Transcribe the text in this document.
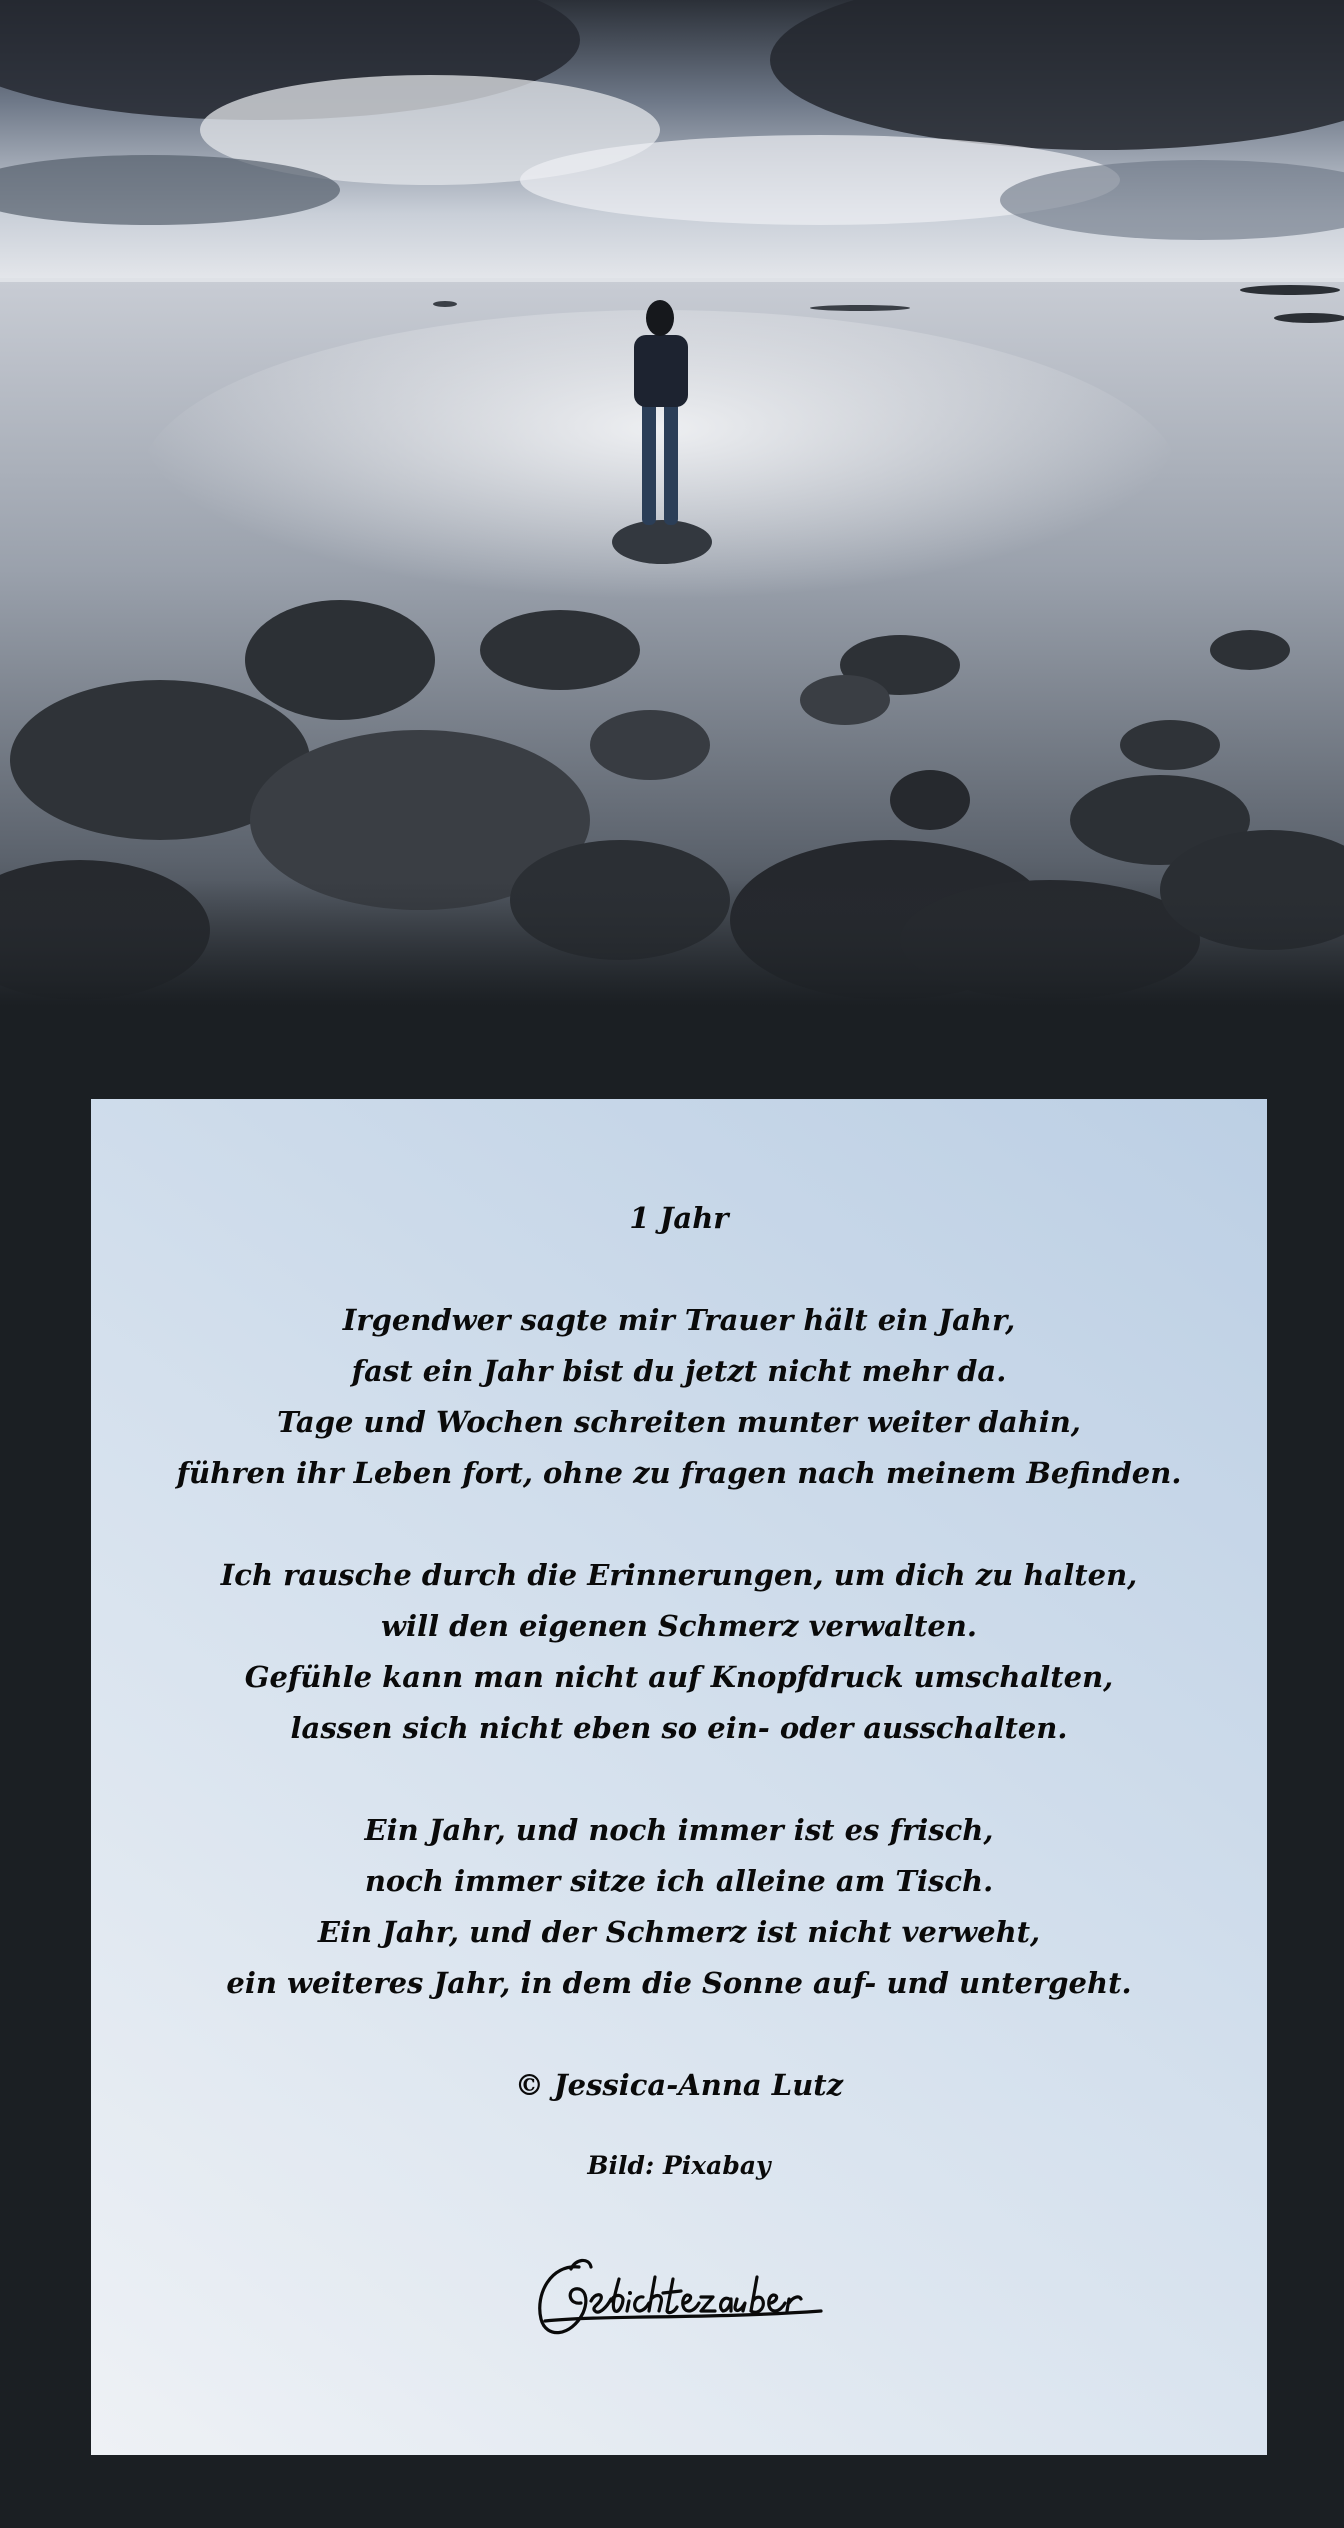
1 Jahr
Irgendwer sagte mir Trauer hält ein Jahr,
fast ein Jahr bist du jetzt nicht mehr da.
Tage und Wochen schreiten munter weiter dahin,
führen ihr Leben fort, ohne zu fragen nach meinem Befinden.
Ich rausche durch die Erinnerungen, um dich zu halten,
will den eigenen Schmerz verwalten.
Gefühle kann man nicht auf Knopfdruck umschalten,
lassen sich nicht eben so ein- oder ausschalten.
Ein Jahr, und noch immer ist es frisch,
noch immer sitze ich alleine am Tisch.
Ein Jahr, und der Schmerz ist nicht verweht,
ein weiteres Jahr, in dem die Sonne auf- und untergeht.
© Jessica-Anna Lutz
Bild: Pixabay
